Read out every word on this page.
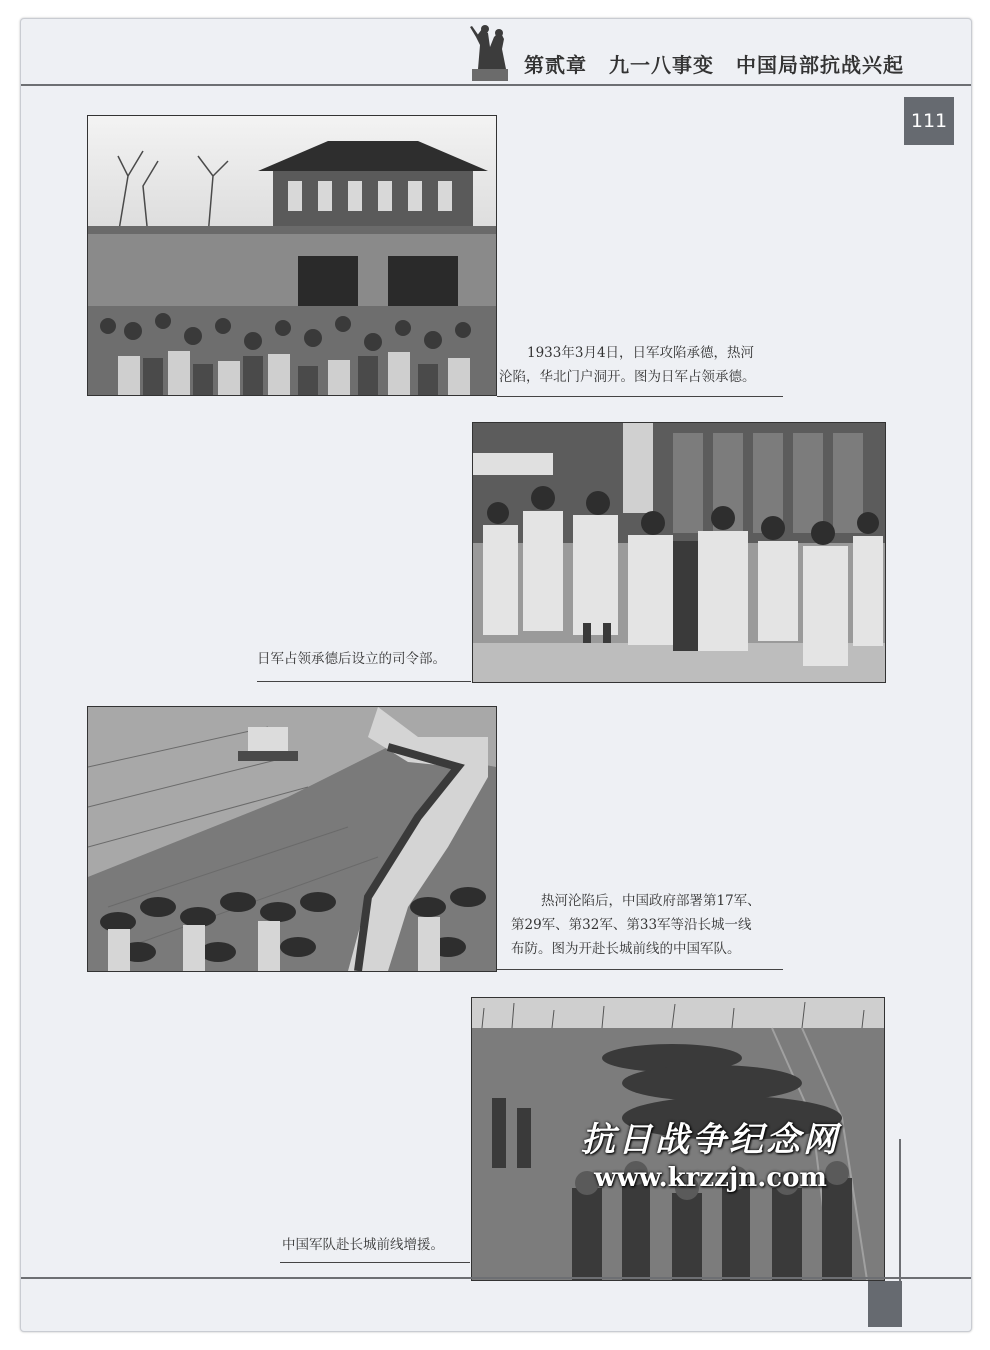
第贰章 九一八事变 中国局部抗战兴起
111
1933年3月4日，日军攻陷承德，热河
沦陷，华北门户洞开。图为日军占领承德。
日军占领承德后设立的司令部。
热河沦陷后，中国政府部署第17军、
第29军、第32军、第33军等沿长城一线
布防。图为开赴长城前线的中国军队。
中国军队赴长城前线增援。
抗日战争纪念网
www.krzzjn.com
